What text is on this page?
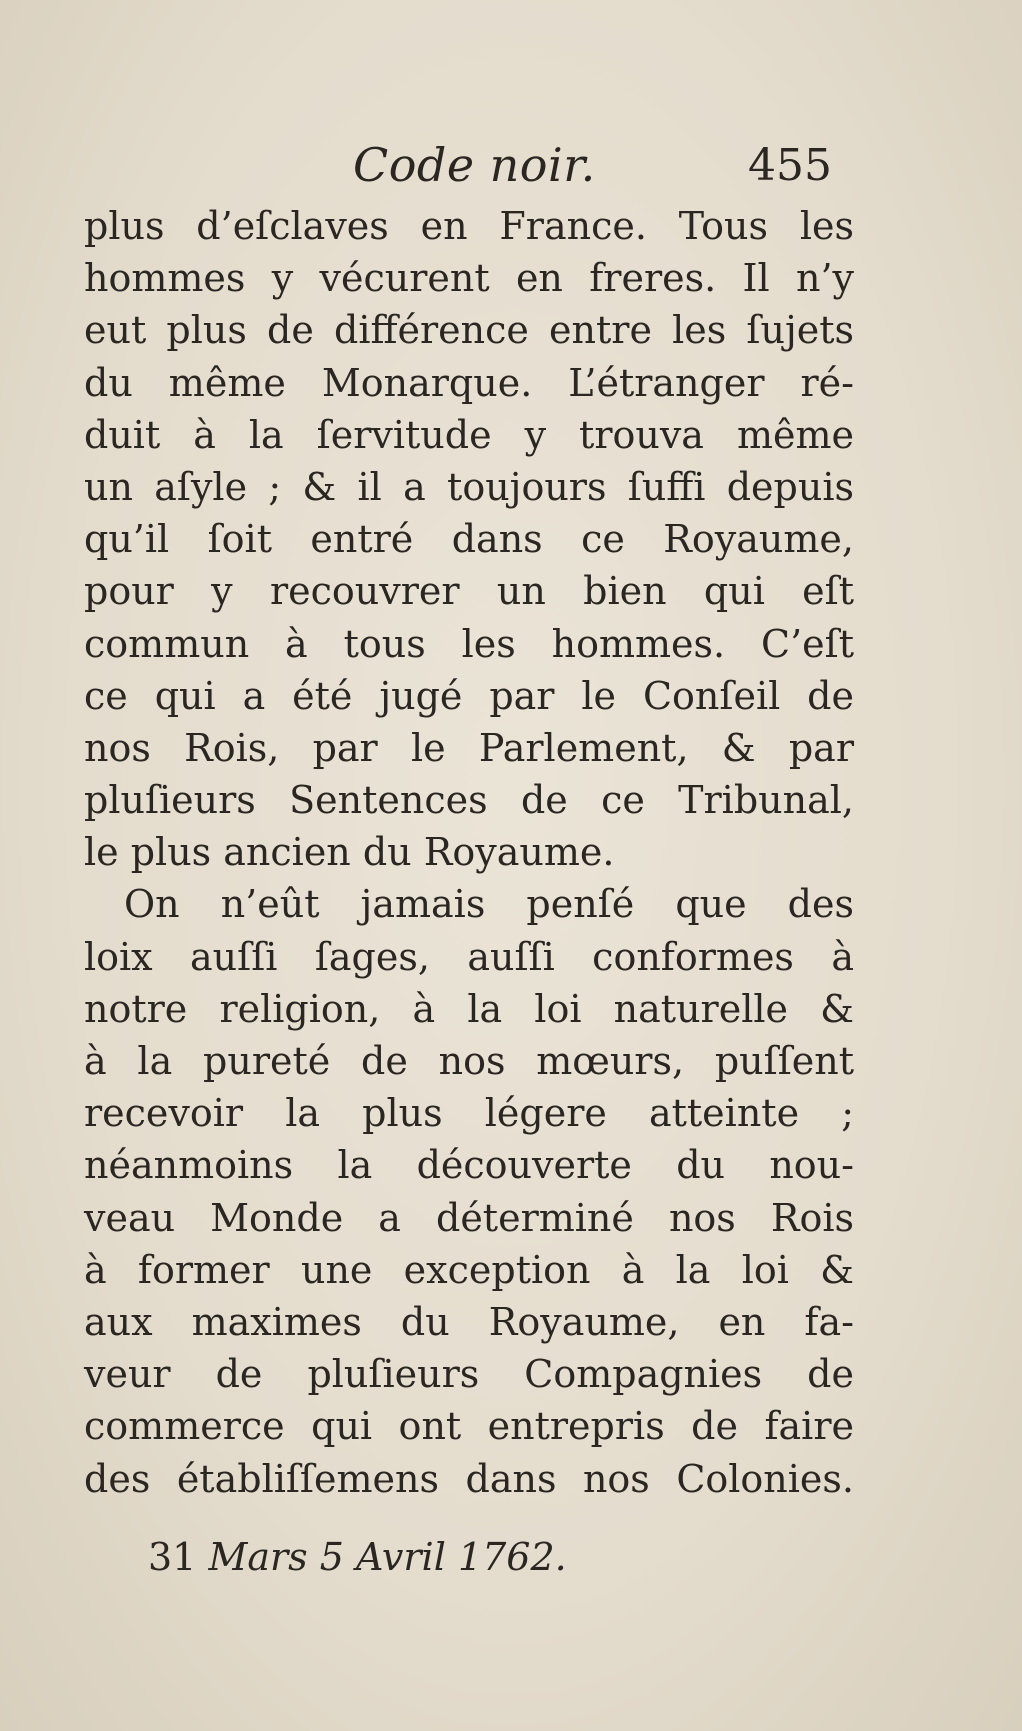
Code noir.	455
plus d’eſclaves en France. Tous les
hommes y vécurent en freres. Il n’y
eut plus de différence entre les ſujets
du même Monarque. L’étranger ré-
duit à la ſervitude y trouva même
un aſyle ; & il a toujours ſuffi depuis
qu’il ſoit entré dans ce Royaume,
pour y recouvrer un bien qui eſt
commun à tous les hommes. C’eſt
ce qui a été jugé par le Conſeil de
nos Rois, par le Parlement, & par
pluſieurs Sentences de ce Tribunal,
le plus ancien du Royaume.
On n’eût jamais penſé que des
loix auſſi ſages, auſſi conformes à
notre religion, à la loi naturelle &
à la pureté de nos mœurs, puſſent
recevoir la plus légere atteinte ;
néanmoins la découverte du nou-
veau Monde a déterminé nos Rois
à former une exception à la loi &
aux maximes du Royaume, en fa-
veur de pluſieurs Compagnies de
commerce qui ont entrepris de faire
des établiſſemens dans nos Colonies.
31 Mars 5 Avril 1762.
